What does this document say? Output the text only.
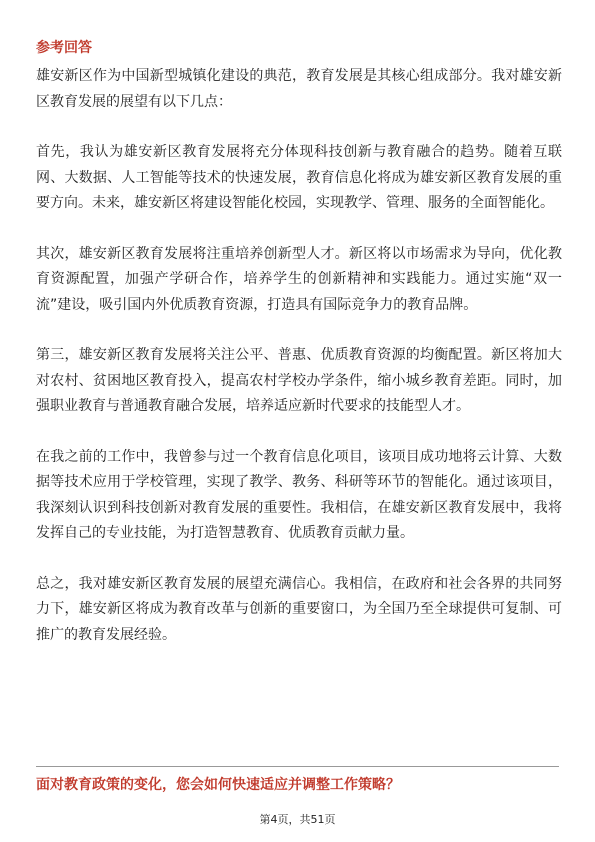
参考回答

雄安新区作为中国新型城镇化建设的典范，教育发展是其核心组成部分。我对雄安新区教育发展的展望有以下几点：

首先，我认为雄安新区教育发展将充分体现科技创新与教育融合的趋势。随着互联网、大数据、人工智能等技术的快速发展，教育信息化将成为雄安新区教育发展的重要方向。未来，雄安新区将建设智能化校园，实现教学、管理、服务的全面智能化。

其次，雄安新区教育发展将注重培养创新型人才。新区将以市场需求为导向，优化教育资源配置，加强产学研合作，培养学生的创新精神和实践能力。通过实施“双一流”建设，吸引国内外优质教育资源，打造具有国际竞争力的教育品牌。

第三，雄安新区教育发展将关注公平、普惠、优质教育资源的均衡配置。新区将加大对农村、贫困地区教育投入，提高农村学校办学条件，缩小城乡教育差距。同时，加强职业教育与普通教育融合发展，培养适应新时代要求的技能型人才。

在我之前的工作中，我曾参与过一个教育信息化项目，该项目成功地将云计算、大数据等技术应用于学校管理，实现了教学、教务、科研等环节的智能化。通过该项目，我深刻认识到科技创新对教育发展的重要性。我相信，在雄安新区教育发展中，我将发挥自己的专业技能，为打造智慧教育、优质教育贡献力量。

总之，我对雄安新区教育发展的展望充满信心。我相信，在政府和社会各界的共同努力下，雄安新区将成为教育改革与创新的重要窗口，为全国乃至全球提供可复制、可推广的教育发展经验。

面对教育政策的变化，您会如何快速适应并调整工作策略？
第4页，共51页
